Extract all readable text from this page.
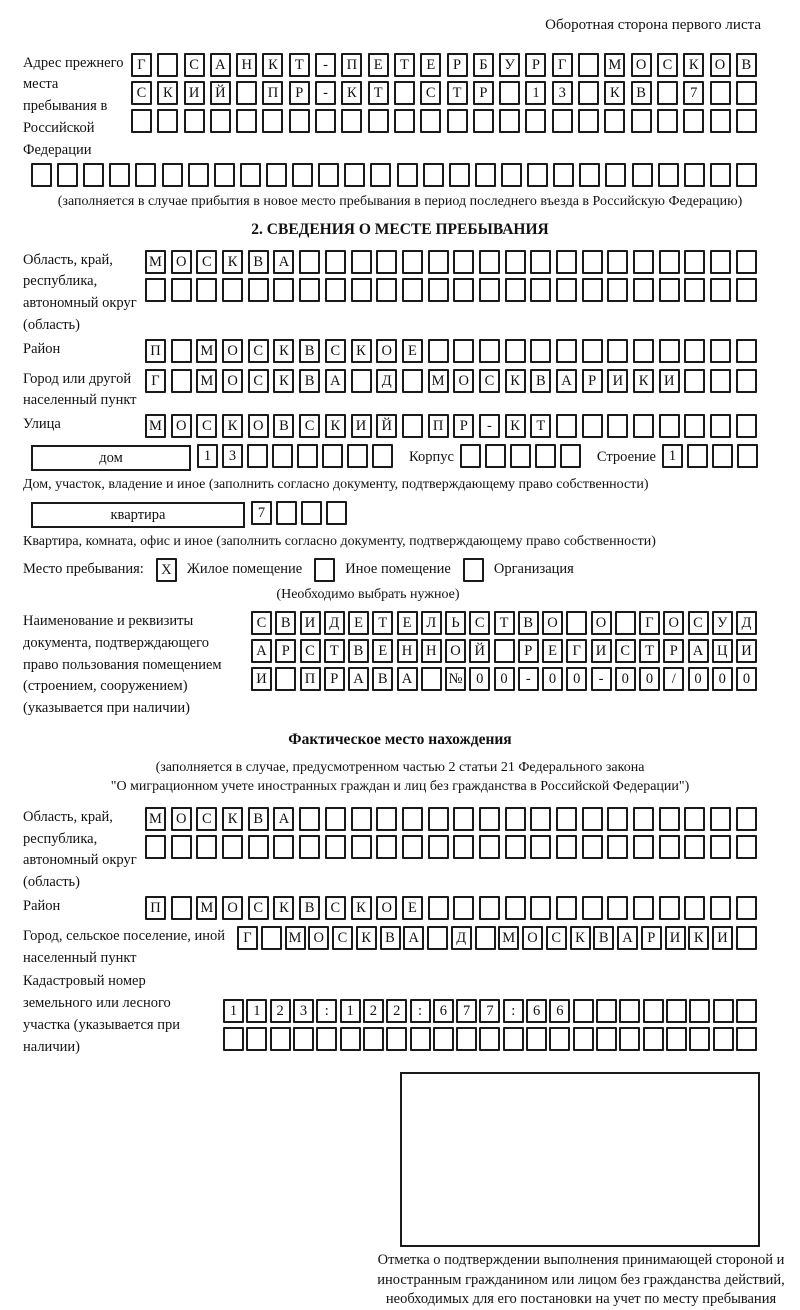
Оборотная сторона первого листа
Адрес прежнего места пребывания в Российской Федерации
Г	С	А	Н	К	Т	-	П	Е	Т	Е	Р	Б	У	Р	Г	М	О	С	К	О	В
С	К	И	Й	П	Р	-	К	Т	С	Т	Р	1	3	К	В	7
(заполняется в случае прибытия в новое место пребывания в период последнего въезда в Российскую Федерацию)
2. СВЕДЕНИЯ О МЕСТЕ ПРЕБЫВАНИЯ
Область, край, республика, автономный округ (область)
М О	С	К	В	А
Район	П	М О	С	К	В	С	К	О	Е
Город или другой населенный пункт
Г	М О	С	К	В	А	Д	М О	С	К	В	А	Р	И	К	И
Улица	М О	С	К	О	В	С	К	И	Й	П	Р	-	К	Т
дом	1	3	Корпус	Строение 1
Дом, участок, владение и иное (заполнить согласно документу, подтверждающему право собственности)
квартира	7
Квартира, комната, офис и иное (заполнить согласно документу, подтверждающему право собственности)
Место пребывания:	X	Жилое помещение	Иное помещение	Организация
(Необходимо выбрать нужное)
Наименование и реквизиты документа, подтверждающего право пользования помещением (строением, сооружением) (указывается при наличии)
С	В И Д	Е	Т	Е	Л	Ь	С	Т	В О	О	Г	О С У Д
А	Р	С	Т	В	Е	Н Н О Й	Р	Е	Г	И С	Т	Р	А Ц И
И	П	Р	А В А	№ 0	0	-	0	0	-	0	0	/	0	0	0
Фактическое место нахождения
(заполняется в случае, предусмотренном частью 2 статьи 21 Федерального закона
"О миграционном учете иностранных граждан и лиц без гражданства в Российской Федерации")
Область, край, республика, автономный округ (область)
М О	С	К	В	А
Район	П	М О	С	К	В	С	К	О	Е
Город, сельское поселение, иной населенный пункт
Г	М О С К В А	Д	М О С К В А Р И К И
Кадастровый номер земельного или лесного участка (указывается при наличии)
1	1	2	3	:	1	2	2	:	6	7	7	:	6	6
Отметка о подтверждении выполнения принимающей стороной и иностранным гражданином или лицом без гражданства действий, необходимых для его постановки на учет по месту пребывания
